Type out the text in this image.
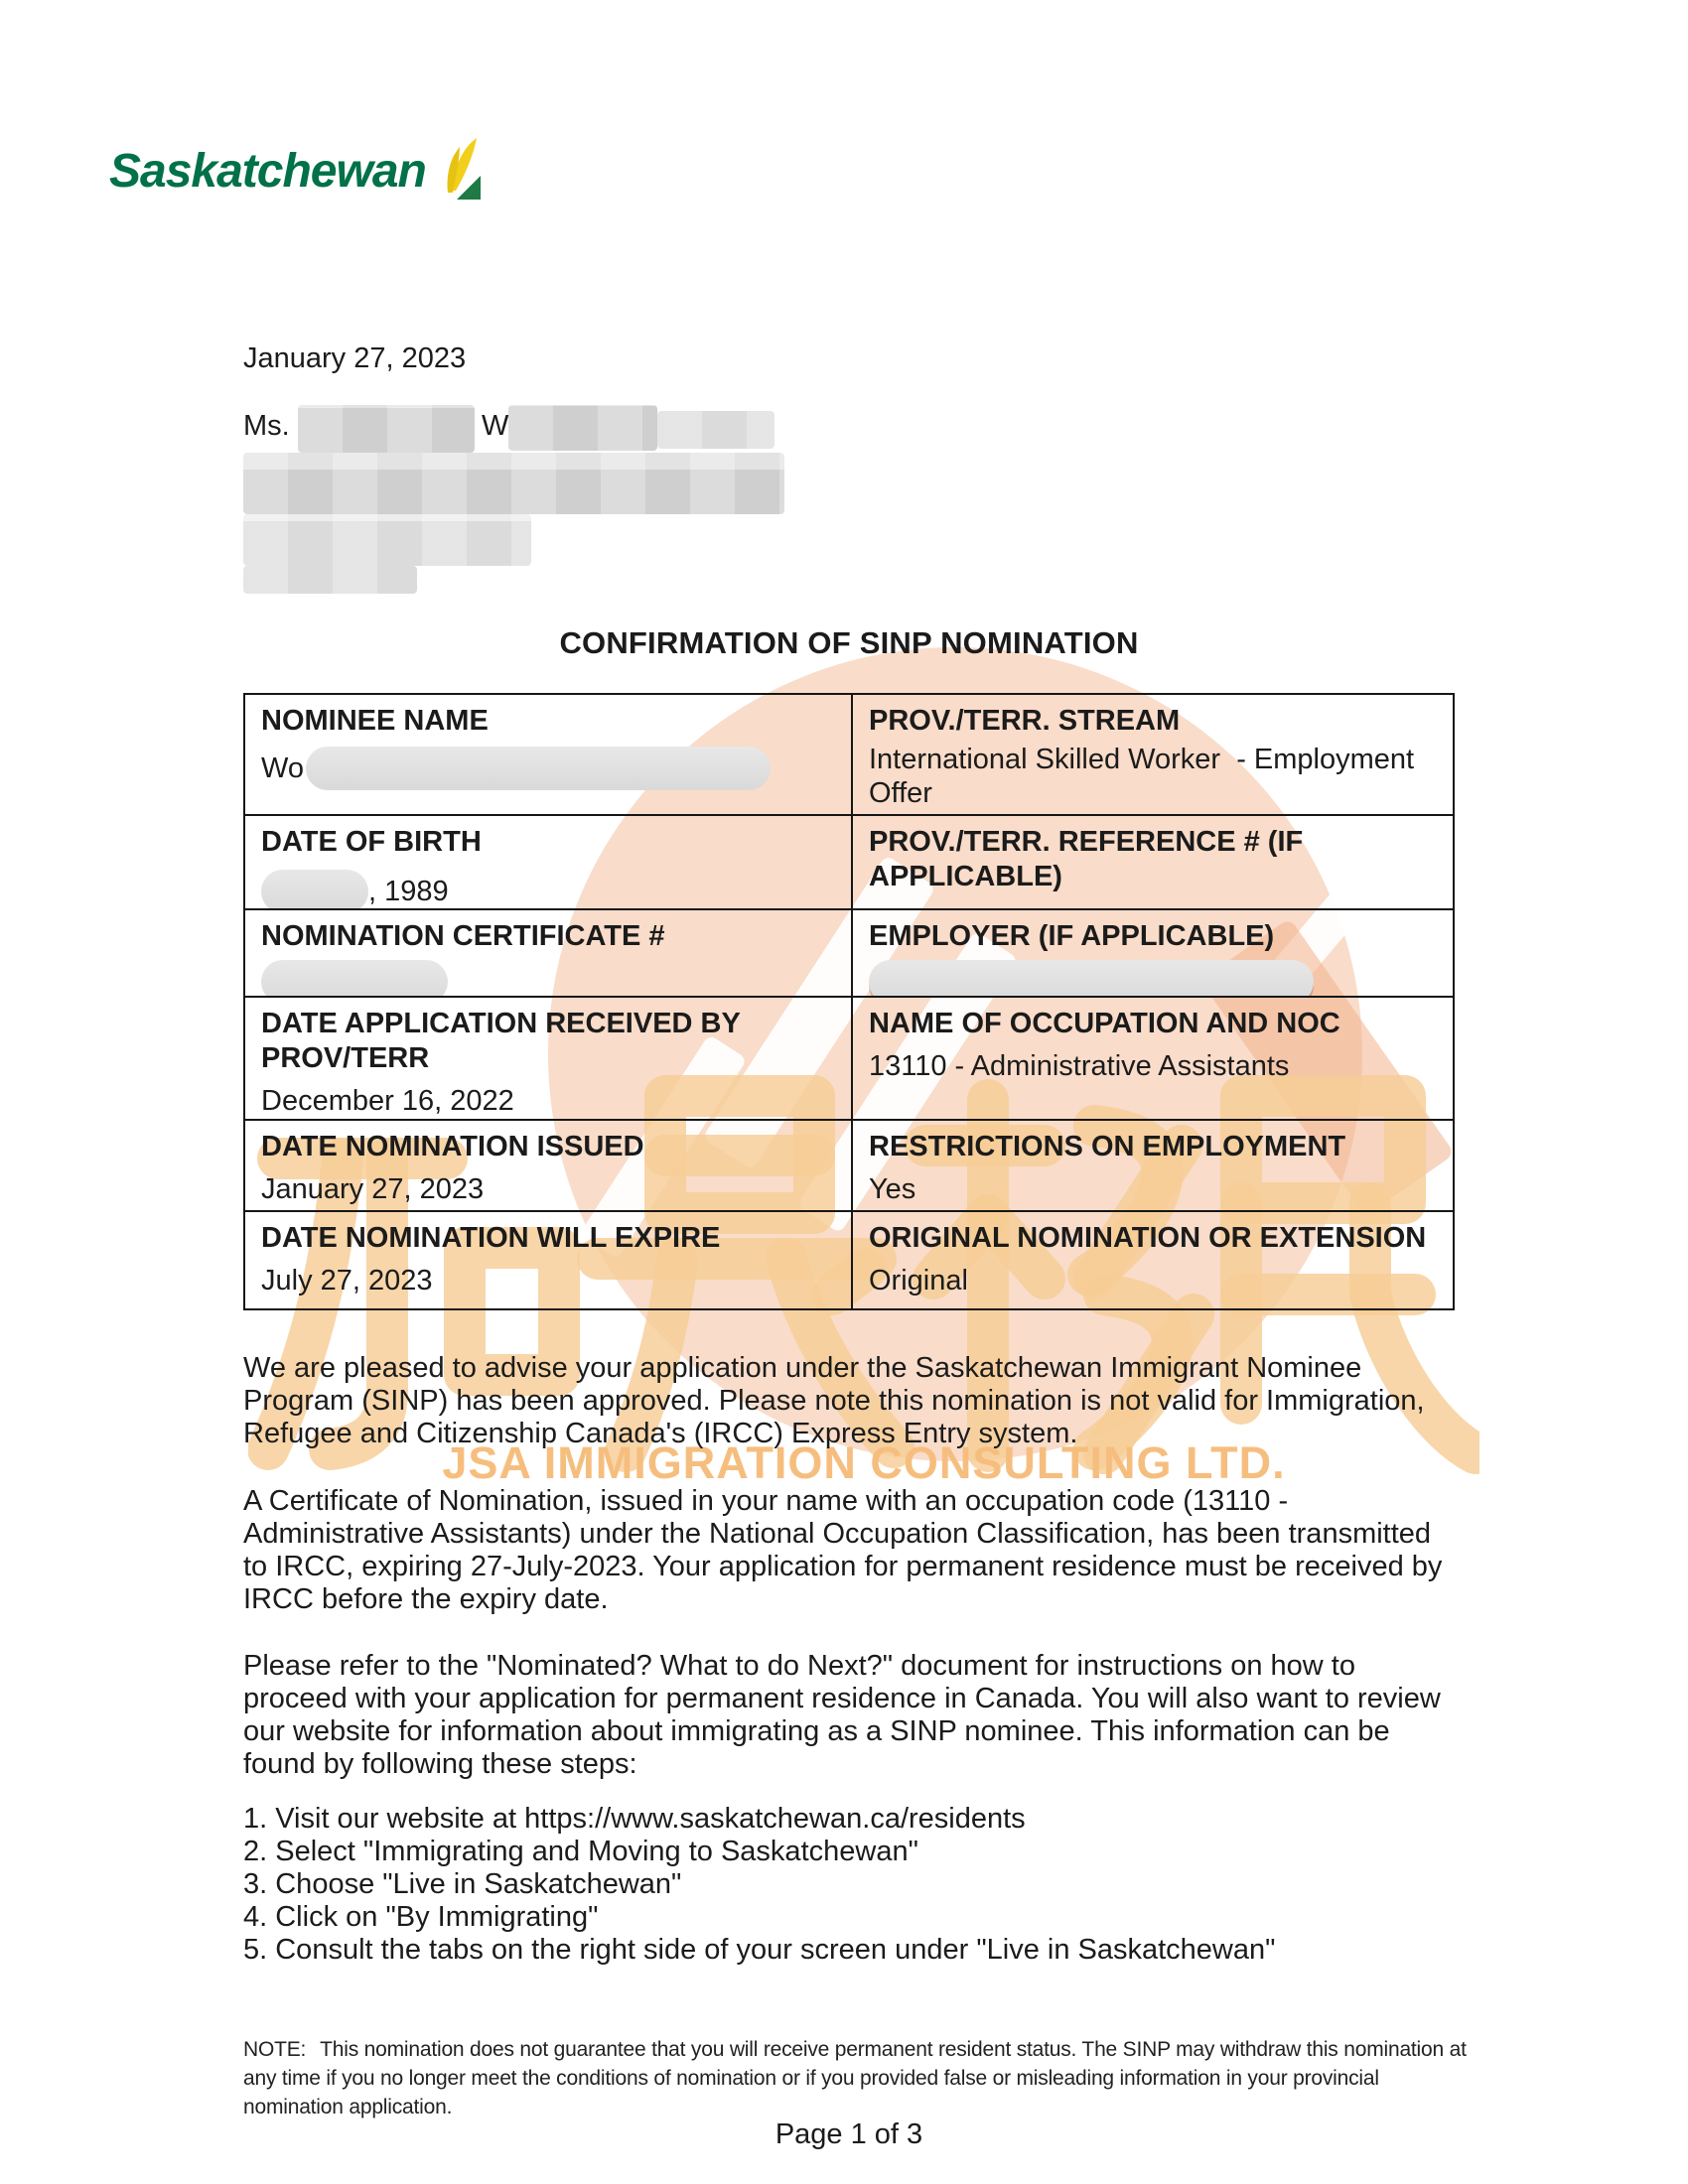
JSA IMMIGRATION CONSULTING LTD.
Saskatchewan
January 27, 2023
Ms.	W
CONFIRMATION OF SINP NOMINATION
NOMINEE NAME
Wo
PROV./TERR. STREAM
International Skilled Worker  - Employment Offer
DATE OF BIRTH
, 1989
PROV./TERR. REFERENCE # (IF APPLICABLE)
NOMINATION CERTIFICATE #	EMPLOYER (IF APPLICABLE)
DATE APPLICATION RECEIVED BY PROV/TERR
December 16, 2022
NAME OF OCCUPATION AND NOC
13110 - Administrative Assistants
DATE NOMINATION ISSUED
January 27, 2023
RESTRICTIONS ON EMPLOYMENT
Yes
DATE NOMINATION WILL EXPIRE
July 27, 2023
ORIGINAL NOMINATION OR EXTENSION
Original
We are pleased to advise your application under the Saskatchewan Immigrant Nominee Program (SINP) has been approved. Please note this nomination is not valid for Immigration, Refugee and Citizenship Canada's (IRCC) Express Entry system.
A Certificate of Nomination, issued in your name with an occupation code (13110 - Administrative Assistants) under the National Occupation Classification, has been transmitted to IRCC, expiring 27-July-2023. Your application for permanent residence must be received by IRCC before the expiry date.
Please refer to the "Nominated? What to do Next?" document for instructions on how to proceed with your application for permanent residence in Canada. You will also want to review our website for information about immigrating as a SINP nominee. This information can be found by following these steps:
1. Visit our website at https://www.saskatchewan.ca/residents
2. Select "Immigrating and Moving to Saskatchewan"
3. Choose "Live in Saskatchewan"
4. Click on "By Immigrating"
5. Consult the tabs on the right side of your screen under "Live in Saskatchewan"
NOTE: This nomination does not guarantee that you will receive permanent resident status. The SINP may withdraw this nomination at any time if you no longer meet the conditions of nomination or if you provided false or misleading information in your provincial nomination application.
Page 1 of 3
